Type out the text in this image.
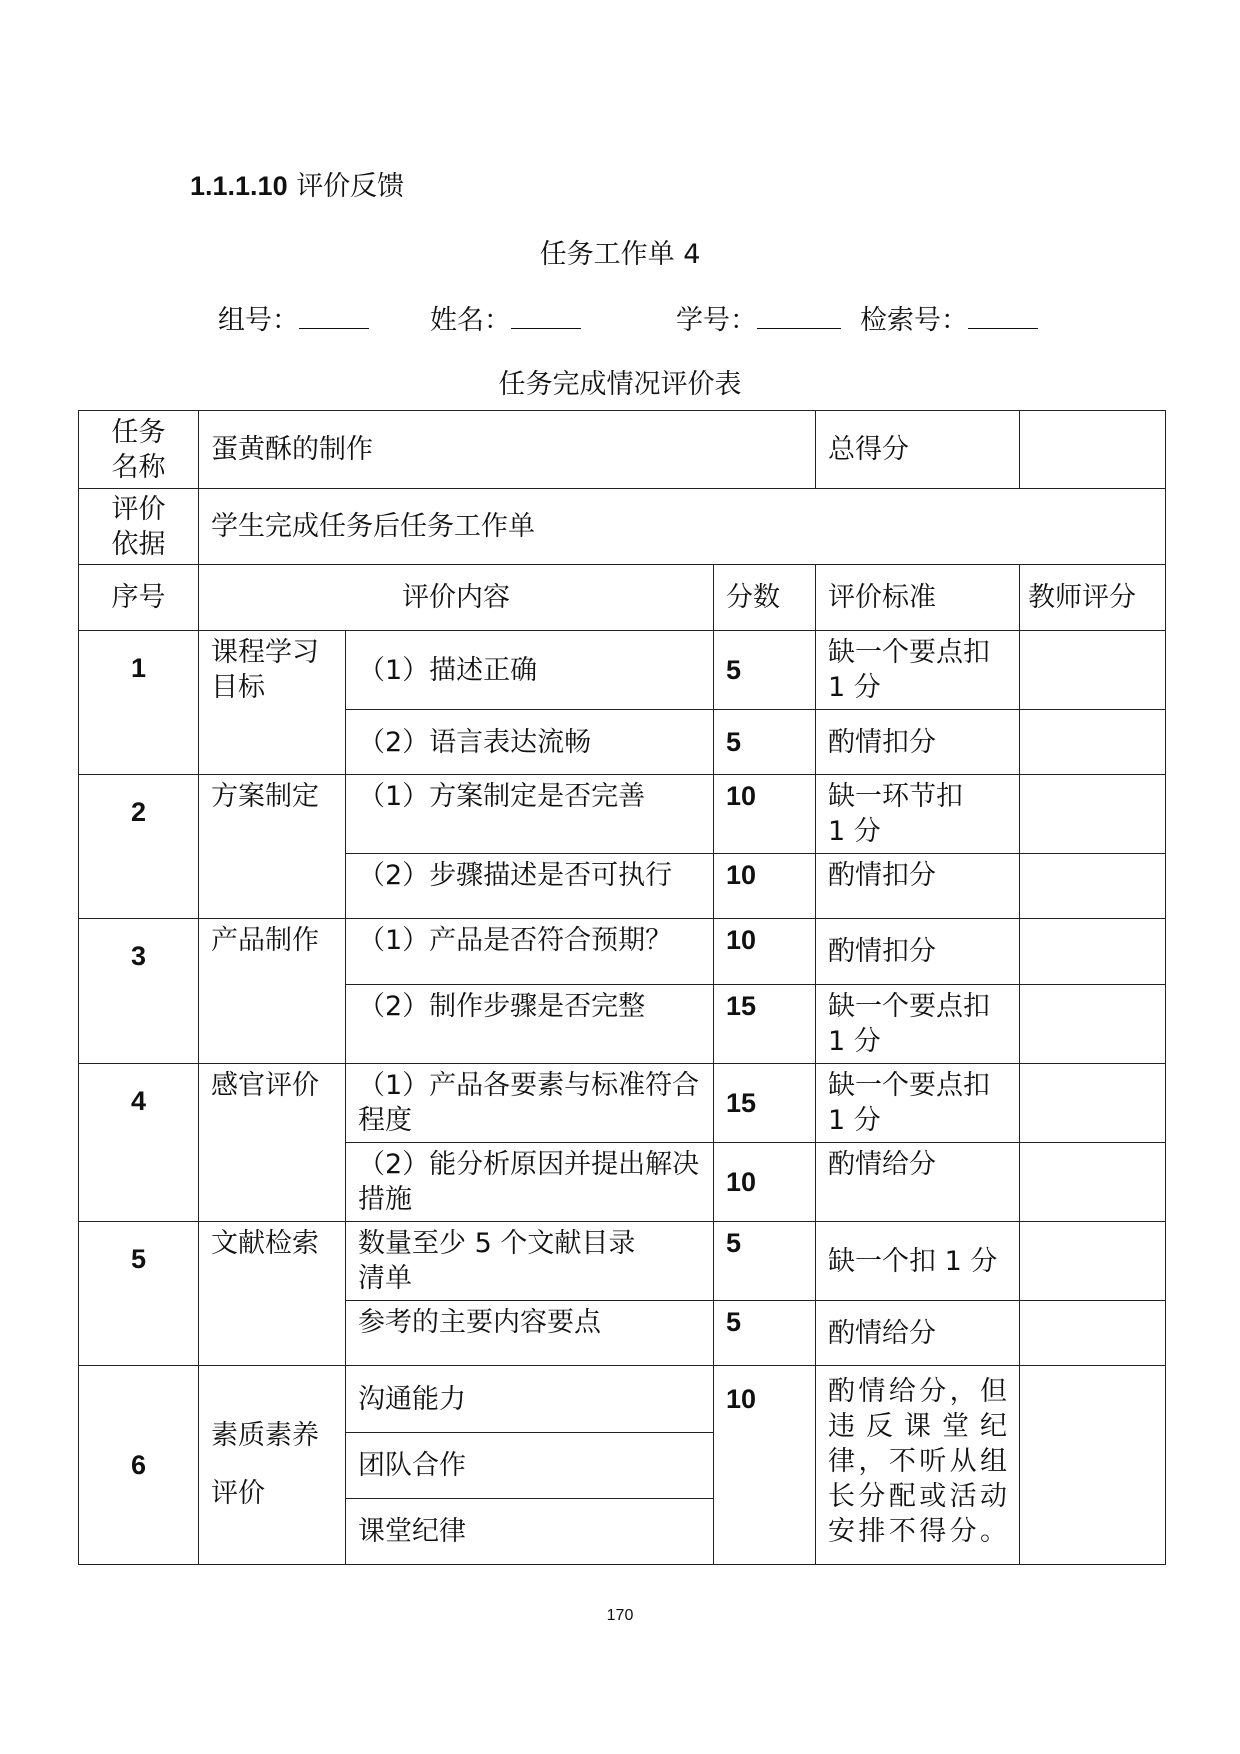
1.1.1.10 评价反馈
任务工作单 4
组号：	姓名：	学号：	检索号：
任务完成情况评价表
任务名称	蛋黄酥的制作			总得分	
评价依据	学生完成任务后任务工作单				
序号	评价内容		分数	评价标准	教师评分
1	课程学习目标	（1）描述正确	5	缺一个要点扣 1 分	
		（2）语言表达流畅	5	酌情扣分	
2	方案制定	（1）方案制定是否完善	10	缺一环节扣 1 分	
		（2）步骤描述是否可执行	10	酌情扣分	
3	产品制作	（1）产品是否符合预期？	10	酌情扣分	
		（2）制作步骤是否完整	15	缺一个要点扣 1 分	
4	感官评价	（1）产品各要素与标准符合程度	15	缺一个要点扣 1 分	
		（2）能分析原因并提出解决措施	10	酌情给分	
5	文献检索	数量至少 5 个文献目录清单	5	缺一个扣 1 分	
		参考的主要内容要点	5	酌情给分	
6	素质素养评价	沟通能力	10	酌情给分，但违反课堂纪律，不听从组长分配或活动安排不得分。	
		团队合作			
		课堂纪律			
170
